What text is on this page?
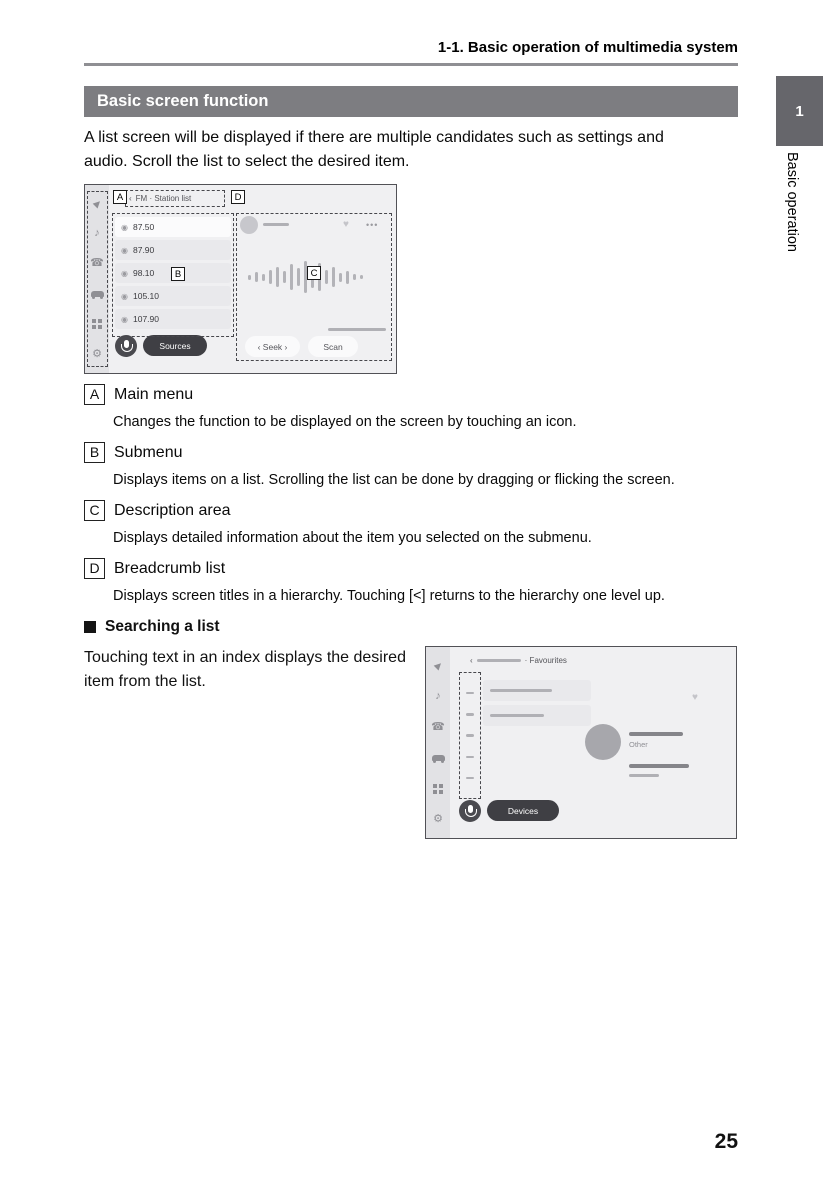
1-1. Basic operation of multimedia system
1
Basic operation
25
Basic screen function

A list screen will be displayed if there are multiple candidates such as settings and audio. Scroll the list to select the desired item.

▶
♪
☎
⚙
‹ FM · Station list
◉ 87.50
◉ 87.90
◉ 98.10
◉ 105.10
◉ 107.90
♥ •••
Sources	‹ Seek ›	Scan
A	D
B	C
A Main menu

Changes the function to be displayed on the screen by touching an icon.

B Submenu

Displays items on a list. Scrolling the list can be done by dragging or flicking the screen.

C Description area

Displays detailed information about the item you selected on the submenu.

D Breadcrumb list

Displays screen titles in a hierarchy. Touching [<] returns to the hierarchy one level up.

Searching a list

Touching text in an index displays the desired item from the list.

▶
♪
☎
⚙
‹	· Favourites
Other
♥
Devices
